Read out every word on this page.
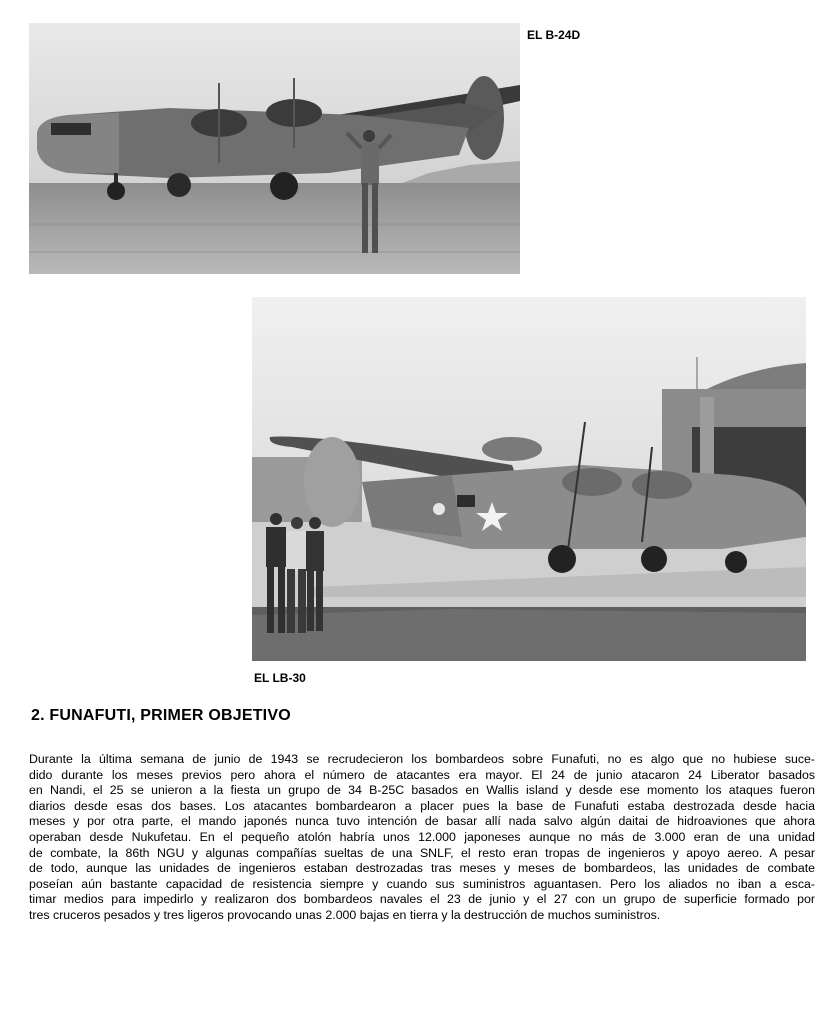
EL B-24D
EL LB-30
2. FUNAFUTI, PRIMER OBJETIVO

Durante la última semana de junio de 1943 se recrudecieron los bombardeos sobre Funafuti, no es algo que no hubiese suce-
dido durante los meses previos pero ahora el número de atacantes era mayor. El 24 de junio atacaron 24 Liberator basados
en Nandi, el 25 se unieron a la fiesta un grupo de 34 B-25C basados en Wallis island y desde ese momento los ataques fueron
diarios desde esas dos bases. Los atacantes bombardearon a placer pues la base de Funafuti estaba destrozada desde hacia
meses y por otra parte, el mando japonés nunca tuvo intención de basar allí nada salvo algún daitai de hidroaviones que ahora
operaban desde Nukufetau. En el pequeño atolón habría unos 12.000 japoneses aunque no más de 3.000 eran de una unidad
de combate, la 86th NGU y algunas compañías sueltas de una SNLF, el resto eran tropas de ingenieros y apoyo aereo. A pesar
de todo, aunque las unidades de ingenieros estaban destrozadas tras meses y meses de bombardeos, las unidades de combate
poseían aún bastante capacidad de resistencia siempre y cuando sus suministros aguantasen. Pero los aliados no iban a esca-
timar medios para impedirlo y realizaron dos bombardeos navales el 23 de junio y el 27 con un grupo de superficie formado por
tres cruceros pesados y tres ligeros provocando unas 2.000 bajas en tierra y la destrucción de muchos suministros.
